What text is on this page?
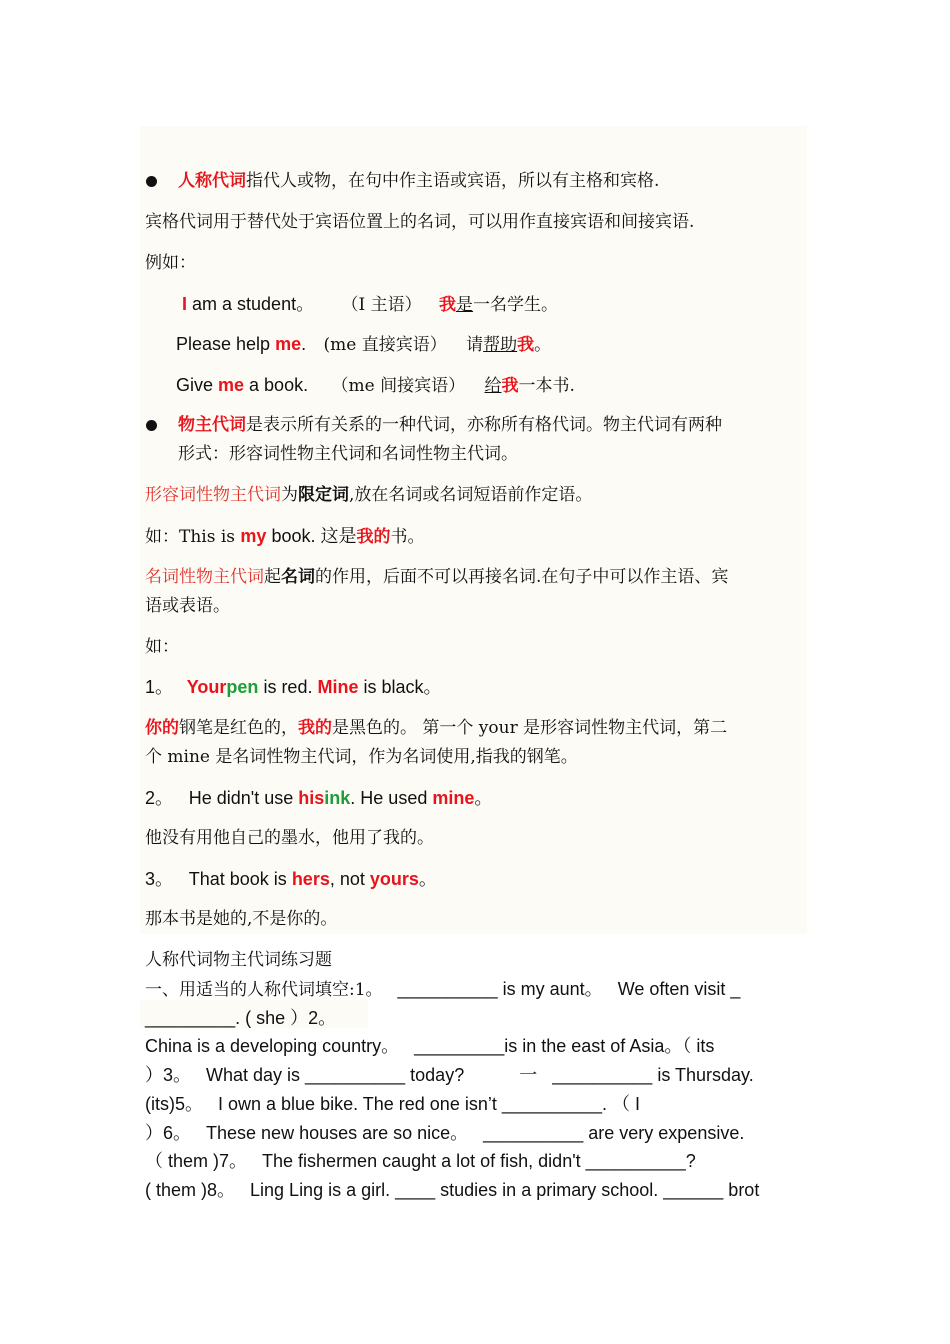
人称代词指代人或物，在句中作主语或宾语，所以有主格和宾格.
宾格代词用于替代处于宾语位置上的名词，可以用作直接宾语和间接宾语.
例如：
I am a student。 （I 主语） 我是一名学生。
Please help me. (me 直接宾语） 请帮助我。
Give me a book. （me 间接宾语） 给我一本书.
物主代词是表示所有关系的一种代词，亦称所有格代词。物主代词有两种
形式：形容词性物主代词和名词性物主代词。
形容词性物主代词为限定词,放在名词或名词短语前作定语。
如：This is my book. 这是我的书。
名词性物主代词起名词的作用，后面不可以再接名词.在句子中可以作主语、宾
语或表语。
如：
1。 Yourpen is red. Mine is black。
你的钢笔是红色的，我的是黑色的。 第一个 your 是形容词性物主代词，第二
个 mine 是名词性物主代词，作为名词使用,指我的钢笔。
2。 He didn't use hisink. He used mine。
他没有用他自己的墨水，他用了我的。
3。 That book is hers, not yours。
那本书是她的,不是你的。
人称代词物主代词练习题
一、用适当的人称代词填空:1。   __________ is my aunt。   We often visit _
_________. ( she ）2。
China is a developing country。   _________is in the east of Asia。（ its
）3。   What day is __________ today?           一   __________ is Thursday.
(its)5。   I own a blue bike. The red one isn’t __________. （ I
）6。   These new houses are so nice。   __________ are very expensive.
（ them )7。   The fishermen caught a lot of fish, didn't __________?
( them )8。   Ling Ling is a girl. ____ studies in a primary school. ______ brot
